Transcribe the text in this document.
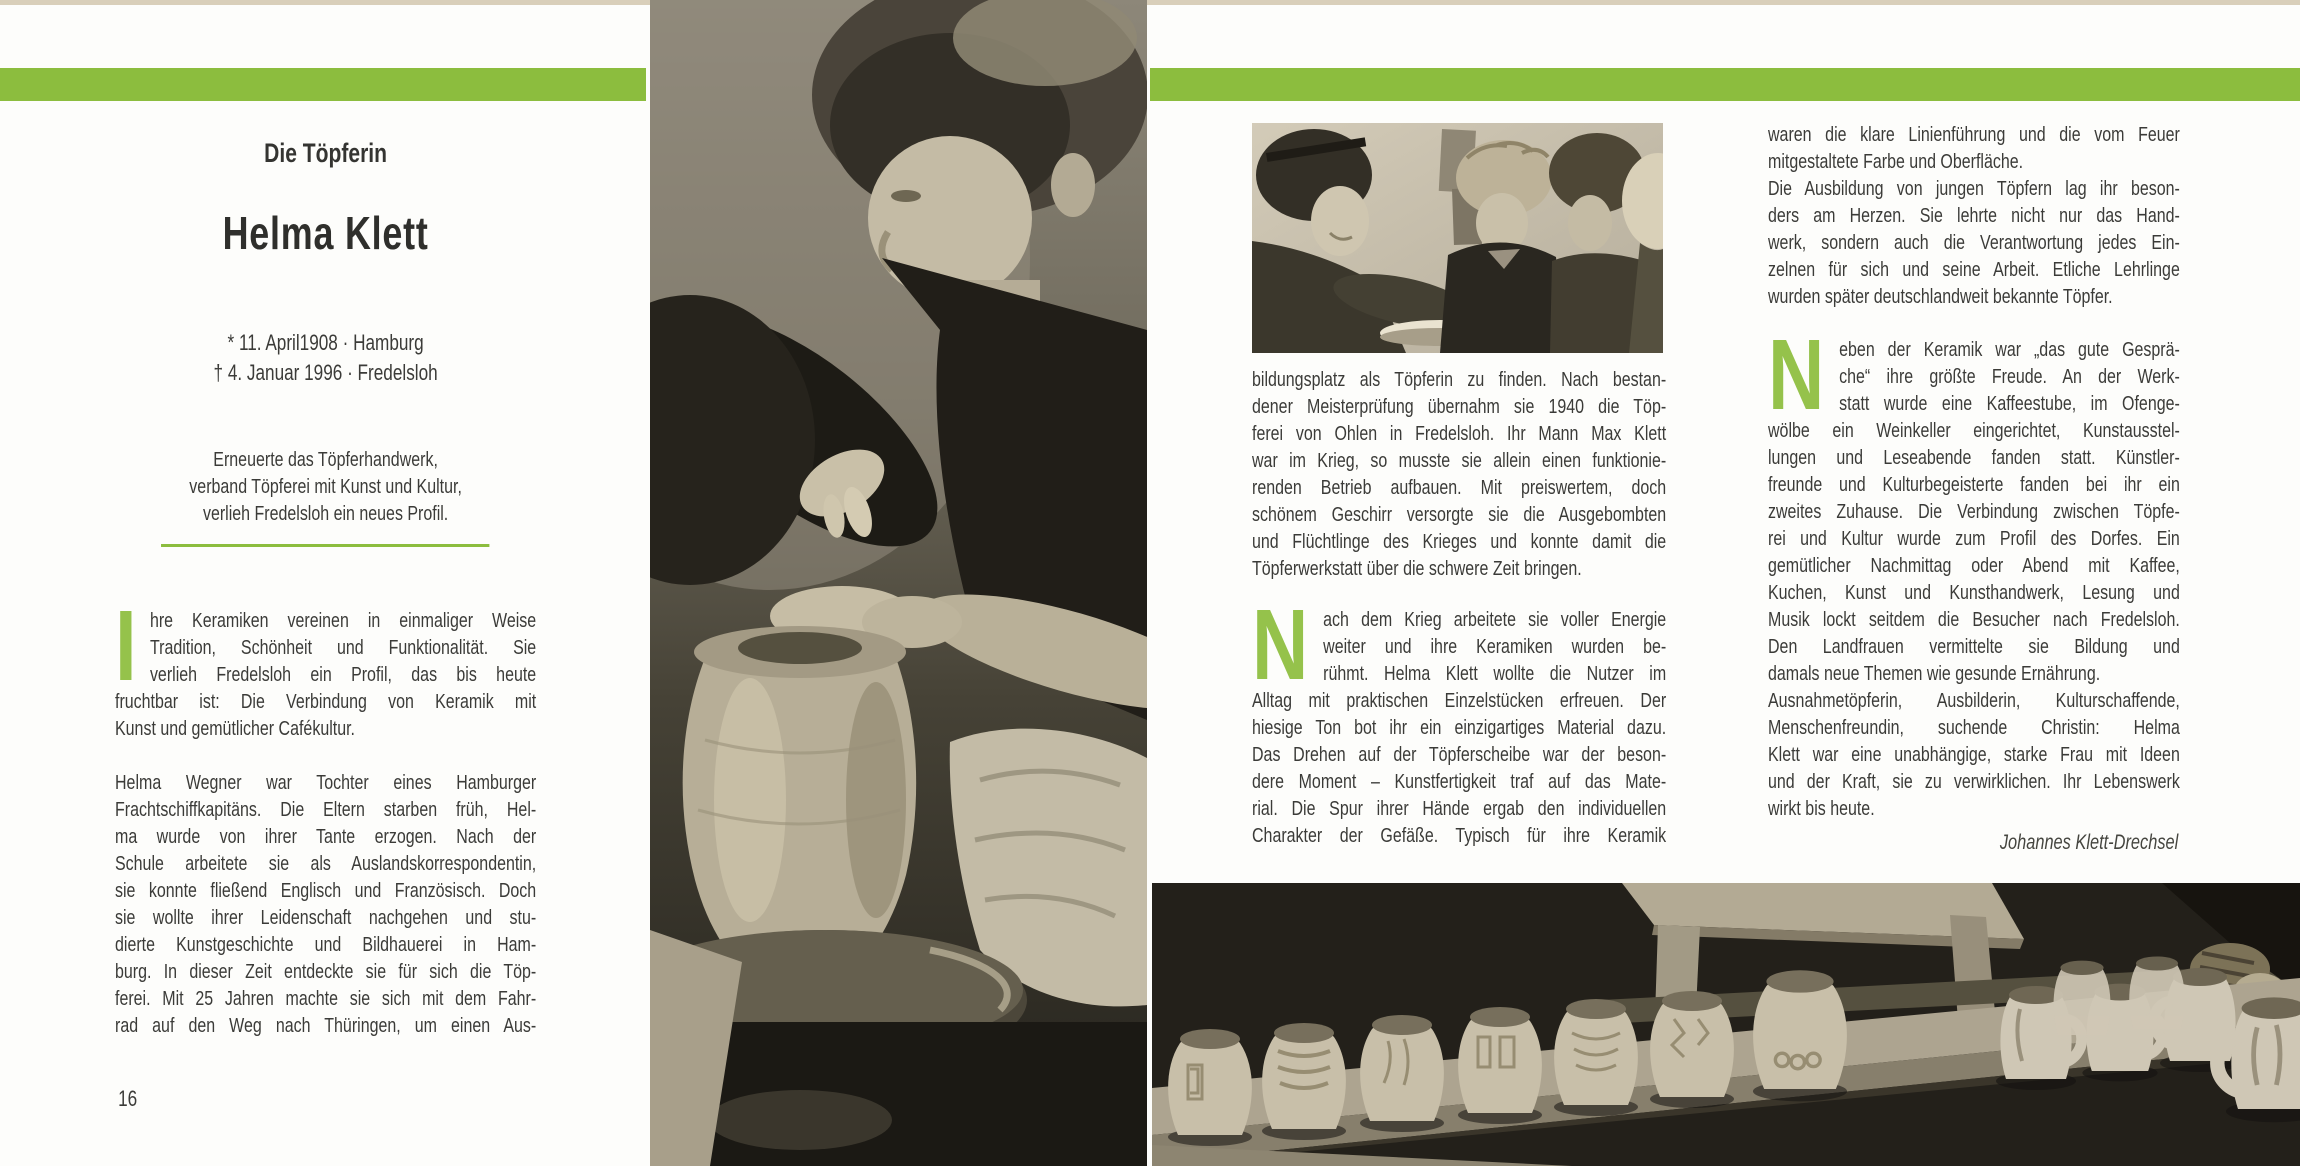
Die Töpferin
Helma Klett
* 11. April1908 · Hamburg
† 4. Januar 1996 · Fredelsloh
Erneuerte das Töpferhandwerk,
verband Töpferei mit Kunst und Kultur,
verlieh Fredelsloh ein neues Profil.
I hre Keramiken vereinen in einmaliger Weise
Tradition, Schönheit und Funktionalität. Sie
verlieh Fredelsloh ein Profil, das bis heute
fruchtbar ist: Die Verbindung von Keramik mit
Kunst und gemütlicher Cafékultur.
Helma Wegner war Tochter eines Hamburger
Frachtschiffkapitäns. Die Eltern starben früh, Hel-
ma wurde von ihrer Tante erzogen. Nach der
Schule arbeitete sie als Auslandskorrespondentin,
sie konnte fließend Englisch und Französisch. Doch
sie wollte ihrer Leidenschaft nachgehen und stu-
dierte Kunstgeschichte und Bildhauerei in Ham-
burg. In dieser Zeit entdeckte sie für sich die Töp-
ferei. Mit 25 Jahren machte sie sich mit dem Fahr-
rad auf den Weg nach Thüringen, um einen Aus-
16
bildungsplatz als Töpferin zu finden. Nach bestan-
dener Meisterprüfung übernahm sie 1940 die Töp-
ferei von Ohlen in Fredelsloh. Ihr Mann Max Klett
war im Krieg, so musste sie allein einen funktionie-
renden Betrieb aufbauen. Mit preiswertem, doch
schönem Geschirr versorgte sie die Ausgebombten
und Flüchtlinge des Krieges und konnte damit die
Töpferwerkstatt über die schwere Zeit bringen.
N ach dem Krieg arbeitete sie voller Energie
weiter und ihre Keramiken wurden be-
rühmt. Helma Klett wollte die Nutzer im
Alltag mit praktischen Einzelstücken erfreuen. Der
hiesige Ton bot ihr ein einzigartiges Material dazu.
Das Drehen auf der Töpferscheibe war der beson-
dere Moment – Kunstfertigkeit traf auf das Mate-
rial. Die Spur ihrer Hände ergab den individuellen
Charakter der Gefäße. Typisch für ihre Keramik
waren die klare Linienführung und die vom Feuer
mitgestaltete Farbe und Oberfläche.
Die Ausbildung von jungen Töpfern lag ihr beson-
ders am Herzen. Sie lehrte nicht nur das Hand-
werk, sondern auch die Verantwortung jedes Ein-
zelnen für sich und seine Arbeit. Etliche Lehrlinge
wurden später deutschlandweit bekannte Töpfer.
N eben der Keramik war „das gute Gesprä-
che“ ihre größte Freude. An der Werk-
statt wurde eine Kaffeestube, im Ofenge-
wölbe ein Weinkeller eingerichtet, Kunstausstel-
lungen und Leseabende fanden statt. Künstler-
freunde und Kulturbegeisterte fanden bei ihr ein
zweites Zuhause. Die Verbindung zwischen Töpfe-
rei und Kultur wurde zum Profil des Dorfes. Ein
gemütlicher Nachmittag oder Abend mit Kaffee,
Kuchen, Kunst und Kunsthandwerk, Lesung und
Musik lockt seitdem die Besucher nach Fredelsloh.
Den Landfrauen vermittelte sie Bildung und
damals neue Themen wie gesunde Ernährung.
Ausnahmetöpferin, Ausbilderin, Kulturschaffende,
Menschenfreundin, suchende Christin: Helma
Klett war eine unabhängige, starke Frau mit Ideen
und der Kraft, sie zu verwirklichen. Ihr Lebenswerk
wirkt bis heute.
Johannes Klett-Drechsel
